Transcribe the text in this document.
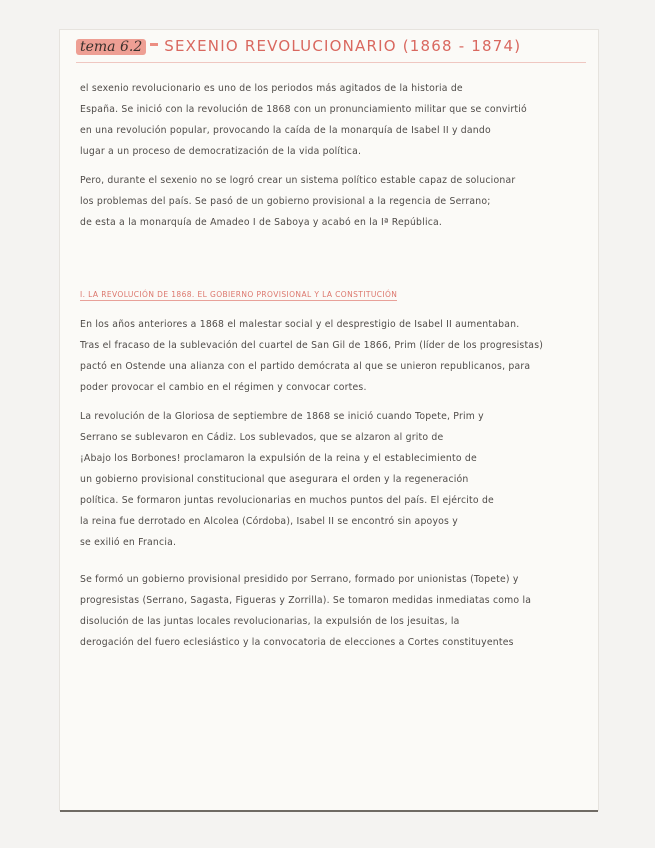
tema 6.2 SEXENIO REVOLUCIONARIO (1868 - 1874)
el sexenio revolucionario es uno de los periodos más agitados de la historia de
España. Se inició con la revolución de 1868 con un pronunciamiento militar que se convirtió
en una revolución popular, provocando la caída de la monarquía de Isabel II y dando
lugar a un proceso de democratización de la vida política.
Pero, durante el sexenio no se logró crear un sistema político estable capaz de solucionar
los problemas del país. Se pasó de un gobierno provisional a la regencia de Serrano;
de esta a la monarquía de Amadeo I de Saboya y acabó en la Iª República.
I. LA REVOLUCIÓN DE 1868. EL GOBIERNO PROVISIONAL Y LA CONSTITUCIÓN
En los años anteriores a 1868 el malestar social y el desprestigio de Isabel II aumentaban.
Tras el fracaso de la sublevación del cuartel de San Gil de 1866, Prim (líder de los progresistas)
pactó en Ostende una alianza con el partido demócrata al que se unieron republicanos, para
poder provocar el cambio en el régimen y convocar cortes.
La revolución de la Gloriosa de septiembre de 1868 se inició cuando Topete, Prim y
Serrano se sublevaron en Cádiz. Los sublevados, que se alzaron al grito de
¡Abajo los Borbones! proclamaron la expulsión de la reina y el establecimiento de
un gobierno provisional constitucional que asegurara el orden y la regeneración
política. Se formaron juntas revolucionarias en muchos puntos del país. El ejército de
la reina fue derrotado en Alcolea (Córdoba), Isabel II se encontró sin apoyos y
se exilió en Francia.
Se formó un gobierno provisional presidido por Serrano, formado por unionistas (Topete) y
progresistas (Serrano, Sagasta, Figueras y Zorrilla). Se tomaron medidas inmediatas como la
disolución de las juntas locales revolucionarias, la expulsión de los jesuitas, la
derogación del fuero eclesiástico y la convocatoria de elecciones a Cortes constituyentes
